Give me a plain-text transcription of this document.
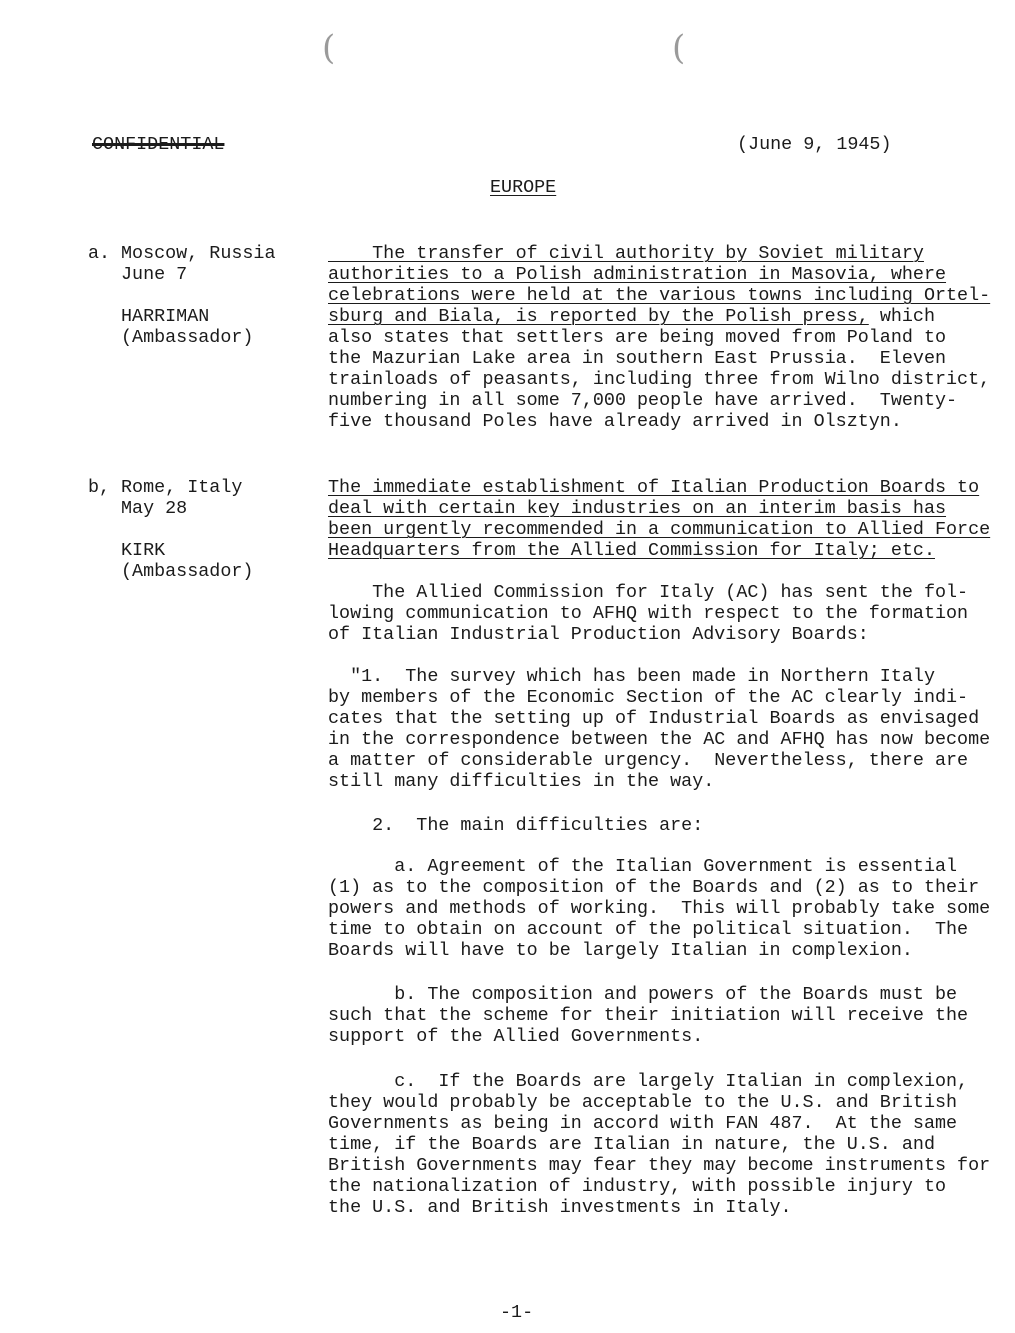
(	(
CONFIDENTIAL	(June 9, 1945)
EUROPE
a. Moscow, Russia
June 7
HARRIMAN
(Ambassador)
The transfer of civil authority by Soviet military
authorities to a Polish administration in Masovia, where
celebrations were held at the various towns including Ortel-
sburg and Biala, is reported by the Polish press, which
also states that settlers are being moved from Poland to
the Mazurian Lake area in southern East Prussia.  Eleven
trainloads of peasants, including three from Wilno district,
numbering in all some 7,000 people have arrived.  Twenty-
five thousand Poles have already arrived in Olsztyn.
b, Rome, Italy
May 28
KIRK
(Ambassador)
The immediate establishment of Italian Production Boards to
deal with certain key industries on an interim basis has
been urgently recommended in a communication to Allied Force
Headquarters from the Allied Commission for Italy; etc.
The Allied Commission for Italy (AC) has sent the fol-
lowing communication to AFHQ with respect to the formation
of Italian Industrial Production Advisory Boards:
"1.  The survey which has been made in Northern Italy
by members of the Economic Section of the AC clearly indi-
cates that the setting up of Industrial Boards as envisaged
in the correspondence between the AC and AFHQ has now become
a matter of considerable urgency.  Nevertheless, there are
still many difficulties in the way.
2.  The main difficulties are:
a. Agreement of the Italian Government is essential
(1) as to the composition of the Boards and (2) as to their
powers and methods of working.  This will probably take some
time to obtain on account of the political situation.  The
Boards will have to be largely Italian in complexion.
b. The composition and powers of the Boards must be
such that the scheme for their initiation will receive the
support of the Allied Governments.
c.  If the Boards are largely Italian in complexion,
they would probably be acceptable to the U.S. and British
Governments as being in accord with FAN 487.  At the same
time, if the Boards are Italian in nature, the U.S. and
British Governments may fear they may become instruments for
the nationalization of industry, with possible injury to
the U.S. and British investments in Italy.
-1-
